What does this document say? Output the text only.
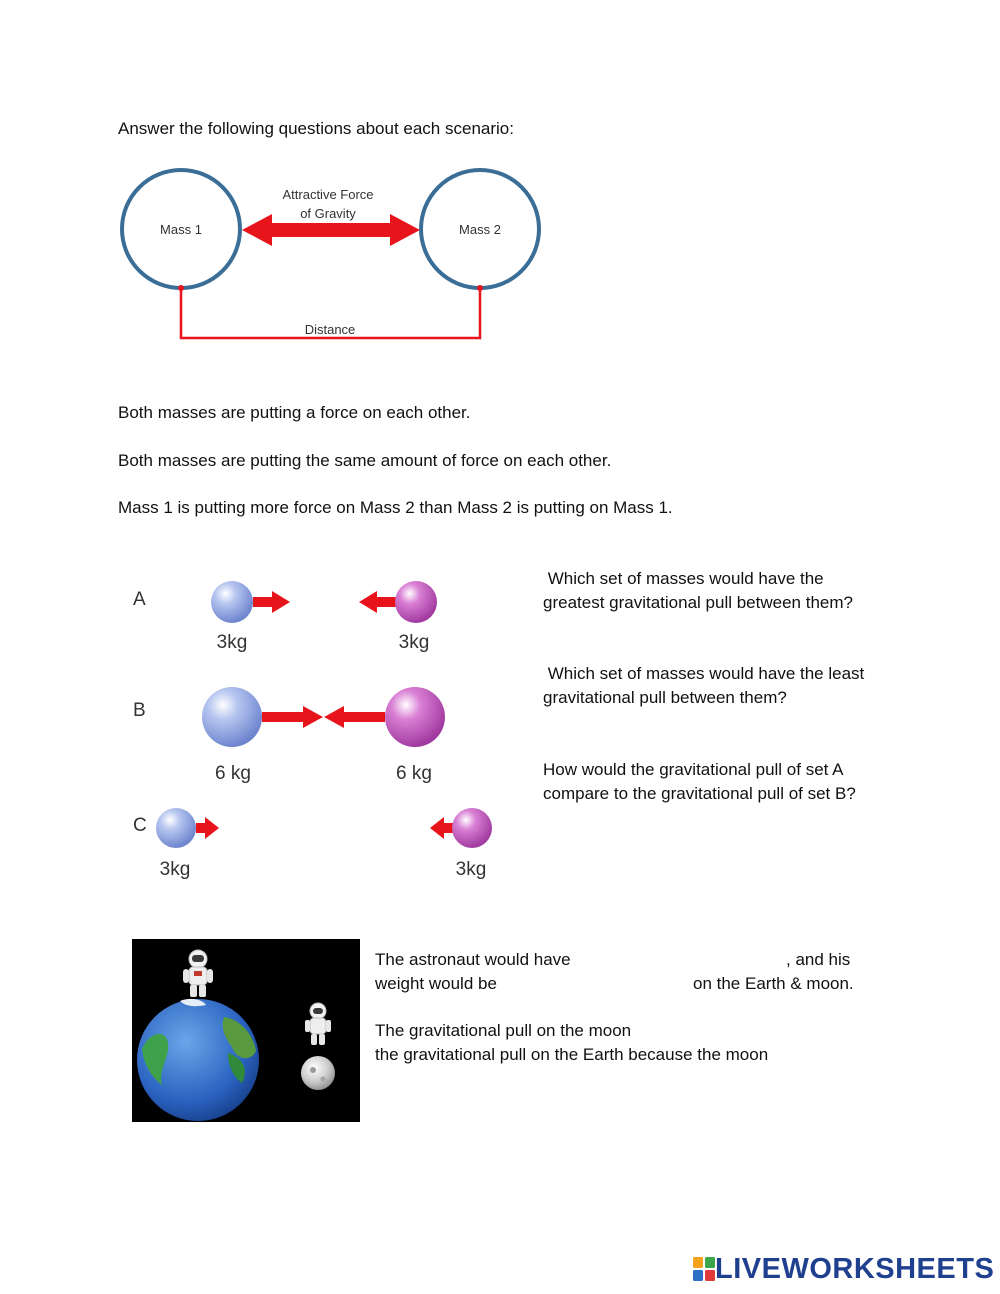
Answer the following questions about each scenario:
Attractive Force
of Gravity
Mass 1	Mass 2
Distance
Both masses are putting a force on each other.
Both masses are putting the same amount of force on each other.
Mass 1 is putting more force on Mass 2 than Mass 2 is putting on Mass 1.
A
3kg	3kg
B
6 kg	6 kg
C
3kg	3kg
Which set of masses would have the
greatest gravitational pull between them?
Which set of masses would have the least
gravitational pull between them?
How would the gravitational pull of set A
compare to the gravitational pull of set B?
The astronaut would have	, and his
weight would be	on the Earth & moon.
The gravitational pull on the moon
the gravitational pull on the Earth because the moon
LIVEWORKSHEETS
